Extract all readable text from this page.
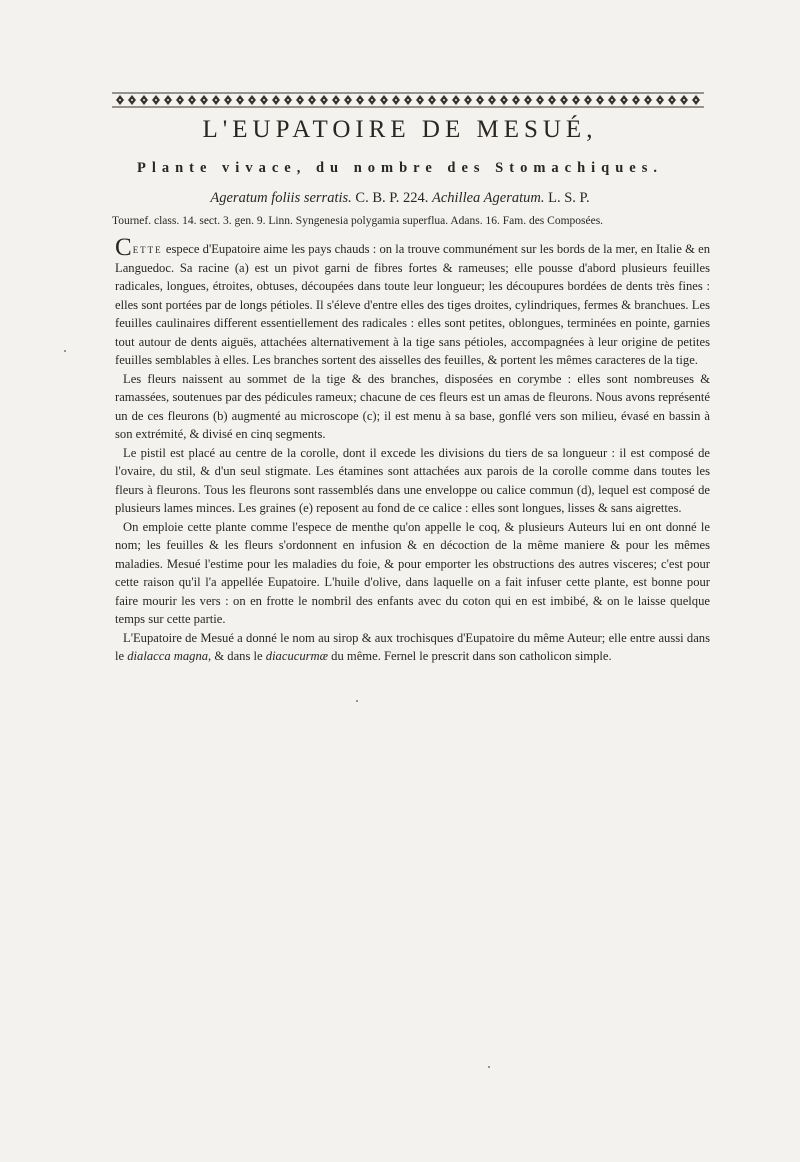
L'EUPATOIRE DE MESUÉ,
Plante vivace, du nombre des Stomachiques.
Ageratum foliis serratis. C. B. P. 224. Achillea Ageratum. L. S. P.
Tournef. class. 14. sect. 3. gen. 9. Linn. Syngenesia polygamia superflua. Adans. 16. Fam. des Composées.

Cette espece d'Eupatoire aime les pays chauds : on la trouve communément sur les bords de la mer, en Italie & en Languedoc. Sa racine (a) est un pivot garni de fibres fortes & rameuses; elle pousse d'abord plusieurs feuilles radicales, longues, étroites, obtuses, découpées dans toute leur longueur; les découpures bordées de dents très fines : elles sont portées par de longs pétioles. Il s'éleve d'entre elles des tiges droites, cylindriques, fermes & branchues. Les feuilles caulinaires different essentiellement des radicales : elles sont petites, oblongues, terminées en pointe, garnies tout autour de dents aiguës, attachées alternativement à la tige sans pétioles, accompagnées à leur origine de petites feuilles semblables à elles. Les branches sortent des aisselles des feuilles, & portent les mêmes caracteres de la tige.

Les fleurs naissent au sommet de la tige & des branches, disposées en corymbe : elles sont nombreuses & ramassées, soutenues par des pédicules rameux; chacune de ces fleurs est un amas de fleurons. Nous avons représenté un de ces fleurons (b) augmenté au microscope (c); il est menu à sa base, gonflé vers son milieu, évasé en bassin à son extrémité, & divisé en cinq segments.

Le pistil est placé au centre de la corolle, dont il excede les divisions du tiers de sa longueur : il est composé de l'ovaire, du stil, & d'un seul stigmate. Les étamines sont attachées aux parois de la corolle comme dans toutes les fleurs à fleurons. Tous les fleurons sont rassemblés dans une enveloppe ou calice commun (d), lequel est composé de plusieurs lames minces. Les graines (e) reposent au fond de ce calice : elles sont longues, lisses & sans aigrettes.

On emploie cette plante comme l'espece de menthe qu'on appelle le coq, & plusieurs Auteurs lui en ont donné le nom; les feuilles & les fleurs s'ordonnent en infusion & en décoction de la même maniere & pour les mêmes maladies. Mesué l'estime pour les maladies du foie, & pour emporter les obstructions des autres visceres; c'est pour cette raison qu'il l'a appellée Eupatoire. L'huile d'olive, dans laquelle on a fait infuser cette plante, est bonne pour faire mourir les vers : on en frotte le nombril des enfants avec du coton qui en est imbibé, & on le laisse quelque temps sur cette partie.

L'Eupatoire de Mesué a donné le nom au sirop & aux trochisques d'Eupatoire du même Auteur; elle entre aussi dans le dialacca magna, & dans le diacucurmæ du même. Fernel le prescrit dans son catholicon simple.
